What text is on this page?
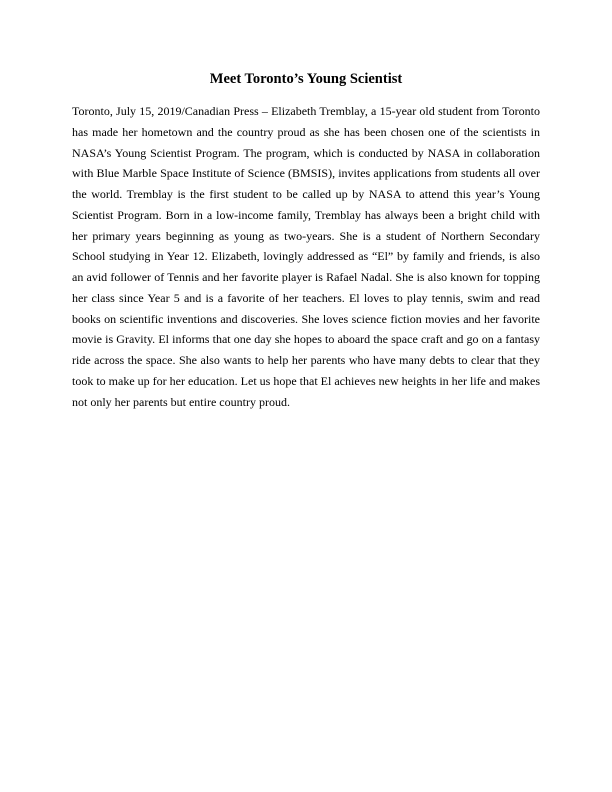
Meet Toronto’s Young Scientist

Toronto, July 15, 2019/Canadian Press – Elizabeth Tremblay, a 15-year old student from Toronto has made her hometown and the country proud as she has been chosen one of the scientists in NASA’s Young Scientist Program. The program, which is conducted by NASA in collaboration with Blue Marble Space Institute of Science (BMSIS), invites applications from students all over the world. Tremblay is the first student to be called up by NASA to attend this year’s Young Scientist Program. Born in a low-income family, Tremblay has always been a bright child with her primary years beginning as young as two-years. She is a student of Northern Secondary School studying in Year 12. Elizabeth, lovingly addressed as “El” by family and friends, is also an avid follower of Tennis and her favorite player is Rafael Nadal. She is also known for topping her class since Year 5 and is a favorite of her teachers. El loves to play tennis, swim and read books on scientific inventions and discoveries. She loves science fiction movies and her favorite movie is Gravity. El informs that one day she hopes to aboard the space craft and go on a fantasy ride across the space. She also wants to help her parents who have many debts to clear that they took to make up for her education. Let us hope that El achieves new heights in her life and makes not only her parents but entire country proud.
